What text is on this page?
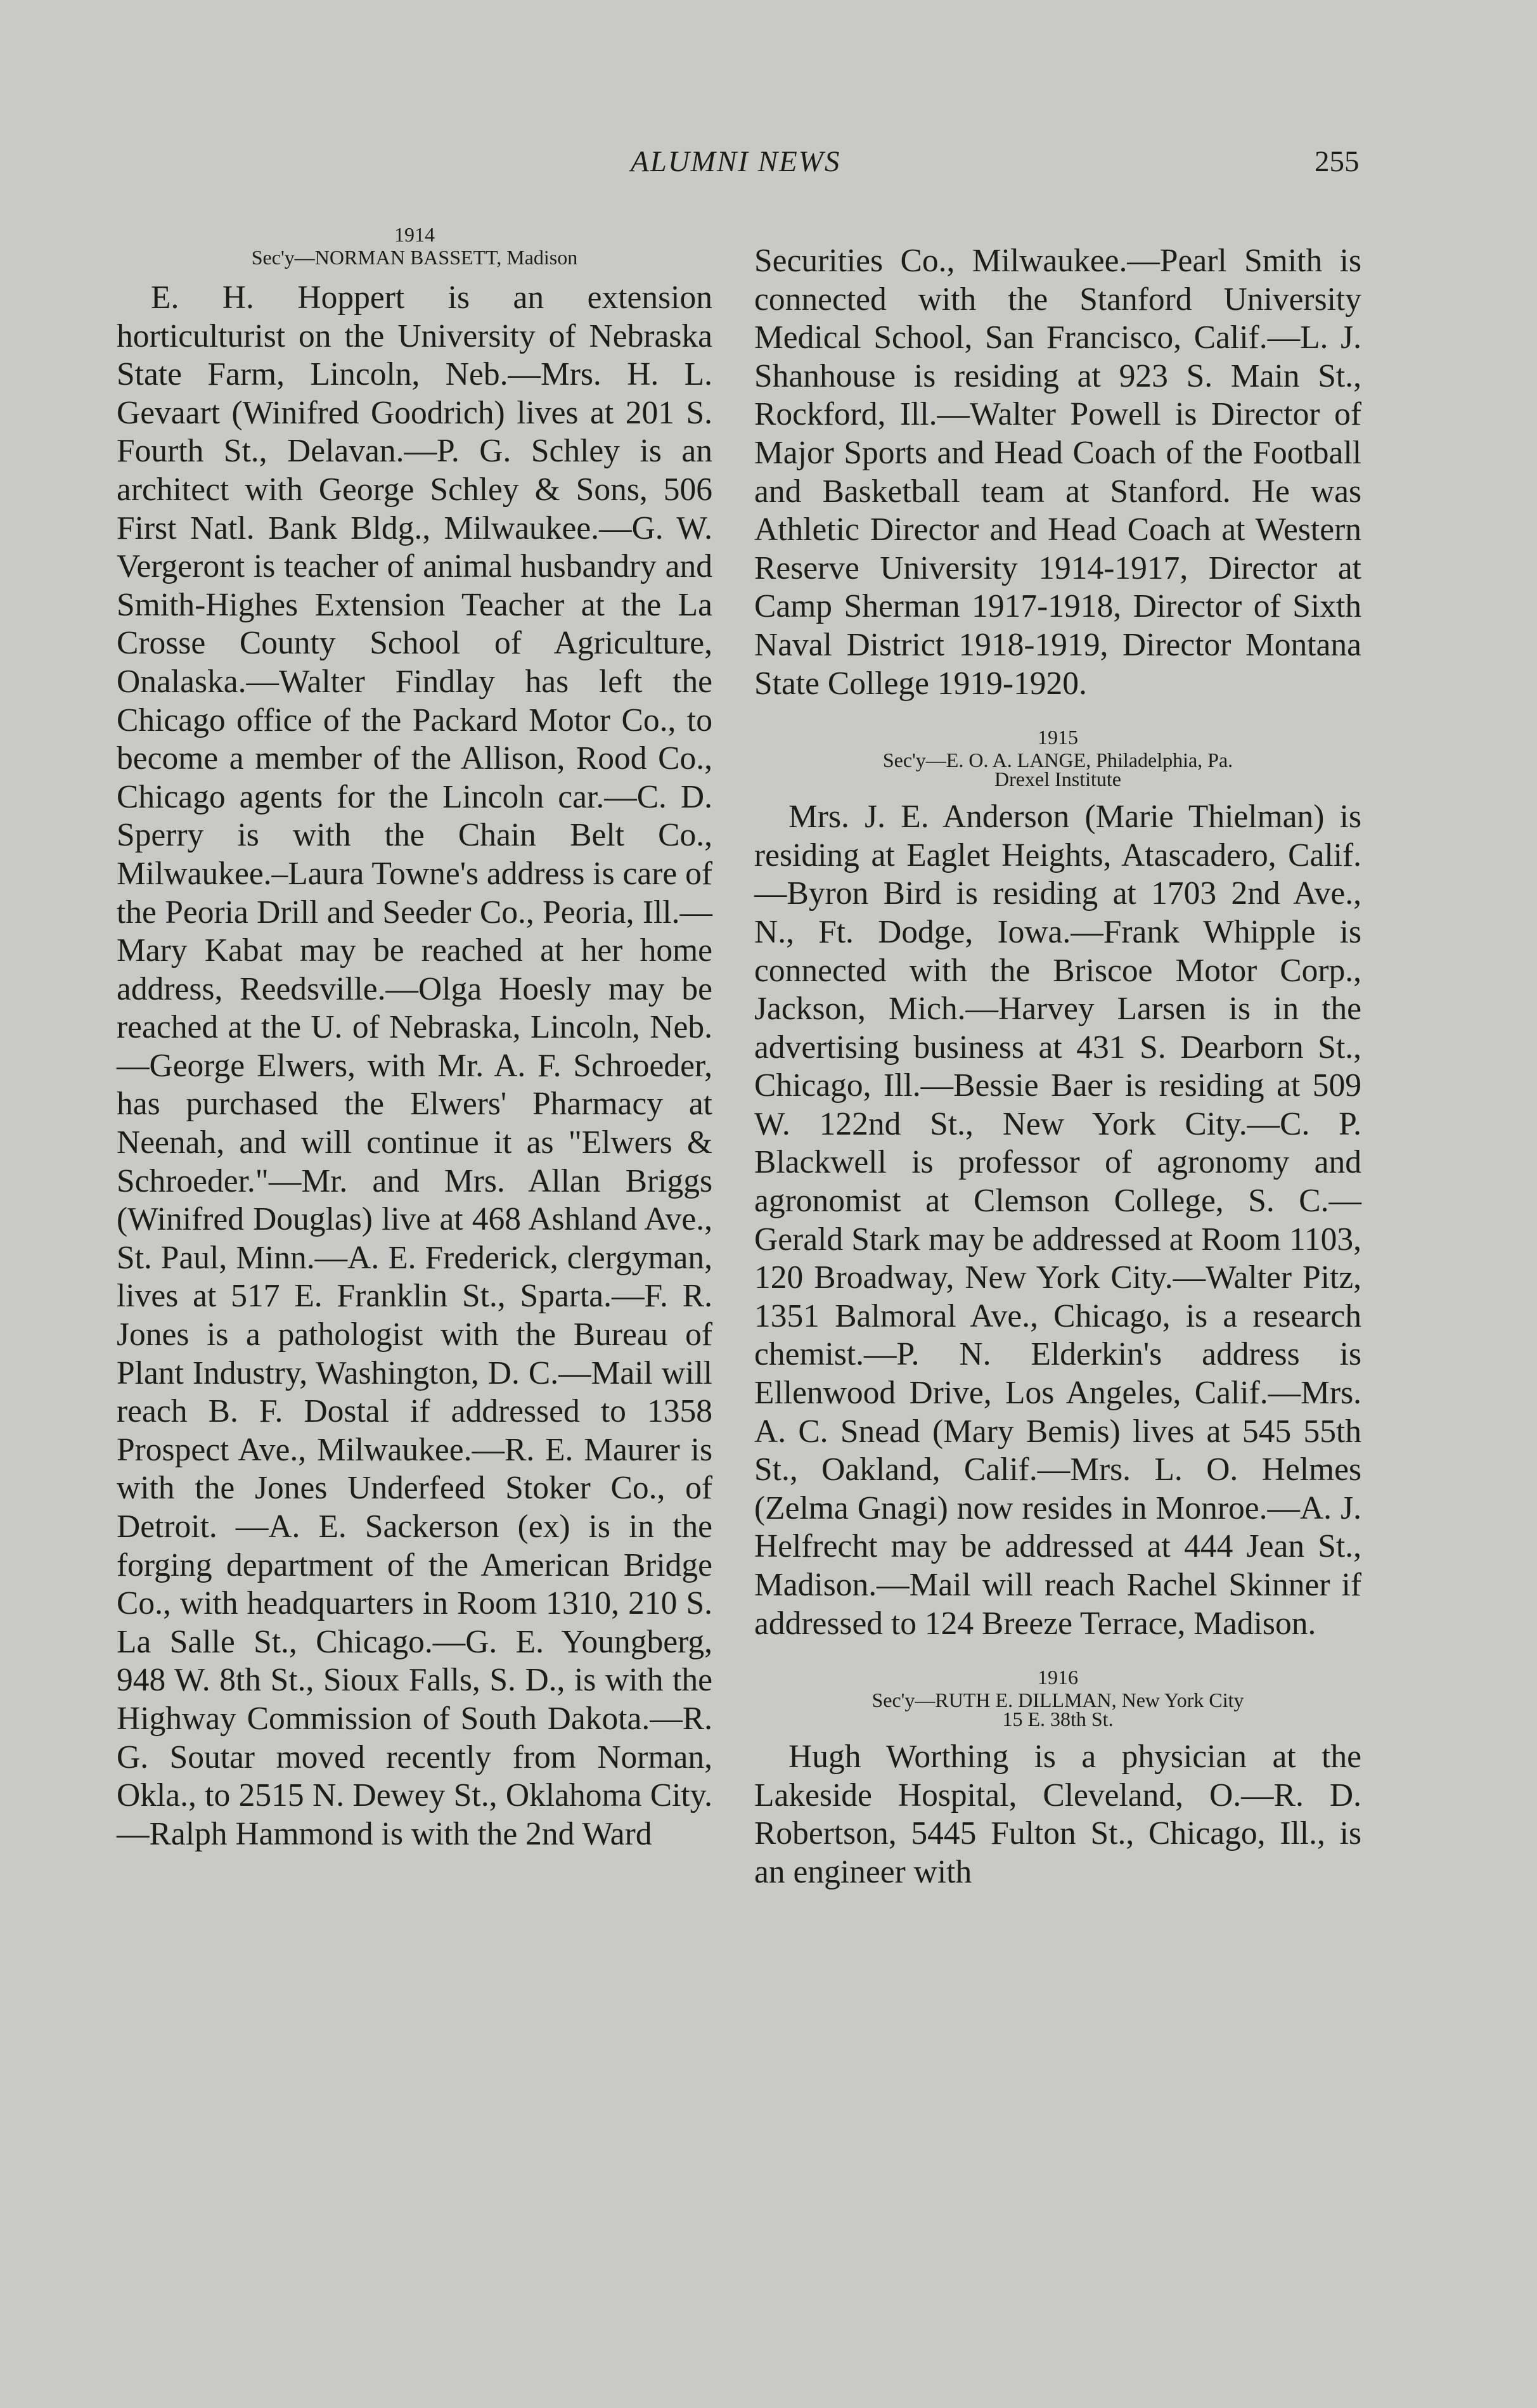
ALUMNI NEWS	255

1914

Sec'y—NORMAN BASSETT, Madison

E. H. Hoppert is an extension horticulturist on the University of Nebraska State Farm, Lincoln, Neb.—Mrs. H. L. Gevaart (Winifred Goodrich) lives at 201 S. Fourth St., Delavan.—P. G. Schley is an architect with George Schley & Sons, 506 First Natl. Bank Bldg., Milwaukee.—G. W. Vergeront is teacher of animal husbandry and Smith-Highes Extension Teacher at the La Crosse County School of Agriculture, Onalaska.—Walter Findlay has left the Chicago office of the Packard Motor Co., to become a member of the Allison, Rood Co., Chicago agents for the Lincoln car.—C. D. Sperry is with the Chain Belt Co., Milwaukee.–Laura Towne's address is care of the Peoria Drill and Seeder Co., Peoria, Ill.—Mary Kabat may be reached at her home address, Reedsville.—Olga Hoesly may be reached at the U. of Nebraska, Lincoln, Neb.—George Elwers, with Mr. A. F. Schroeder, has purchased the Elwers' Pharmacy at Neenah, and will continue it as "Elwers & Schroeder."—Mr. and Mrs. Allan Briggs (Winifred Douglas) live at 468 Ashland Ave., St. Paul, Minn.—A. E. Frederick, clergyman, lives at 517 E. Franklin St., Sparta.—F. R. Jones is a pathologist with the Bureau of Plant Industry, Washington, D. C.—Mail will reach B. F. Dostal if addressed to 1358 Prospect Ave., Milwaukee.—R. E. Maurer is with the Jones Underfeed Stoker Co., of Detroit. —A. E. Sackerson (ex) is in the forging department of the American Bridge Co., with headquarters in Room 1310, 210 S. La Salle St., Chicago.—G. E. Youngberg, 948 W. 8th St., Sioux Falls, S. D., is with the Highway Commission of South Dakota.—R. G. Soutar moved recently from Norman, Okla., to 2515 N. Dewey St., Oklahoma City.—Ralph Hammond is with the 2nd Ward

Securities Co., Milwaukee.—Pearl Smith is connected with the Stanford University Medical School, San Francisco, Calif.—L. J. Shanhouse is residing at 923 S. Main St., Rockford, Ill.—Walter Powell is Director of Major Sports and Head Coach of the Football and Basketball team at Stanford. He was Athletic Director and Head Coach at Western Reserve University 1914-1917, Director at Camp Sherman 1917-1918, Director of Sixth Naval District 1918-1919, Director Montana State College 1919-1920.

1915

Sec'y—E. O. A. LANGE, Philadelphia, Pa.

Drexel Institute

Mrs. J. E. Anderson (Marie Thielman) is residing at Eaglet Heights, Atascadero, Calif.—Byron Bird is residing at 1703 2nd Ave., N., Ft. Dodge, Iowa.—Frank Whipple is connected with the Briscoe Motor Corp., Jackson, Mich.—Harvey Larsen is in the advertising business at 431 S. Dearborn St., Chicago, Ill.—Bessie Baer is residing at 509 W. 122nd St., New York City.—C. P. Blackwell is professor of agronomy and agronomist at Clemson College, S. C.—Gerald Stark may be addressed at Room 1103, 120 Broadway, New York City.—Walter Pitz, 1351 Balmoral Ave., Chicago, is a research chemist.—P. N. Elderkin's address is Ellenwood Drive, Los Angeles, Calif.—Mrs. A. C. Snead (Mary Bemis) lives at 545 55th St., Oakland, Calif.—Mrs. L. O. Helmes (Zelma Gnagi) now resides in Monroe.—A. J. Helfrecht may be addressed at 444 Jean St., Madison.—Mail will reach Rachel Skinner if addressed to 124 Breeze Terrace, Madison.

1916

Sec'y—RUTH E. DILLMAN, New York City

15 E. 38th St.

Hugh Worthing is a physician at the Lakeside Hospital, Cleveland, O.—R. D. Robertson, 5445 Fulton St., Chicago, Ill., is an engineer with
